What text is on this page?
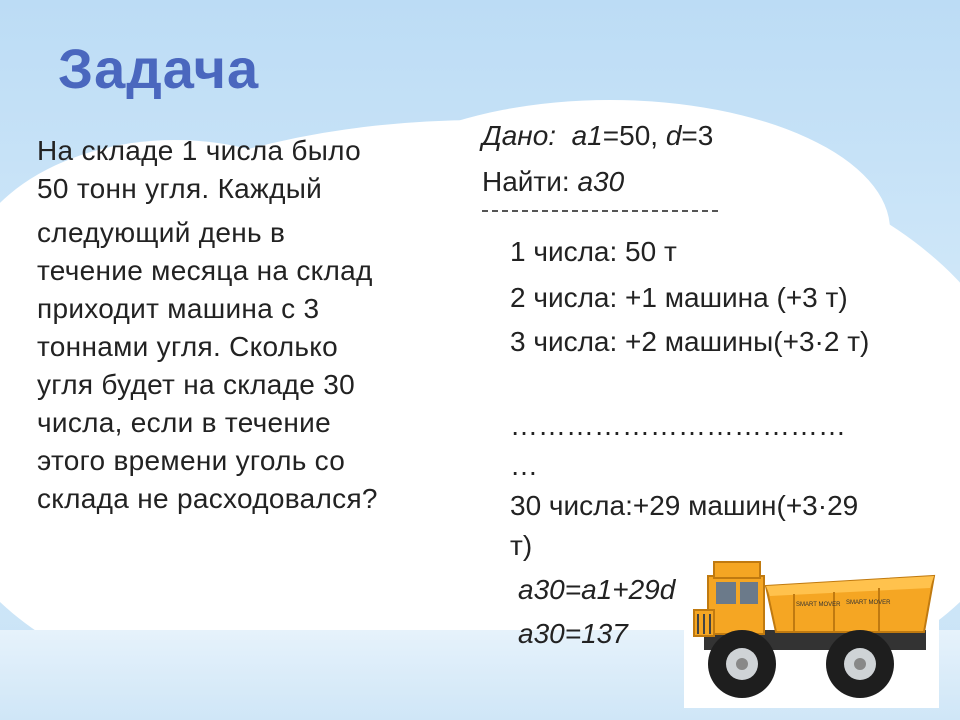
Задача
На складе 1 числа было
50 тонн угля. Каждый
следующий день в
течение месяца на склад
приходит машина с 3
тоннами угля. Сколько
угля будет на складе 30
числа, если в течение
этого времени уголь со
склада не расходовался?
Дано: a1=50, d=3
Найти: a30
1 числа: 50 т
2 числа: +1 машина (+3 т)
3 числа: +2 машины(+3·2 т)
………………………………
…
30 числа:+29 машин(+3·29
т)
a30=a1+29d
a30=137
SMART MOVER SMART MOVER
